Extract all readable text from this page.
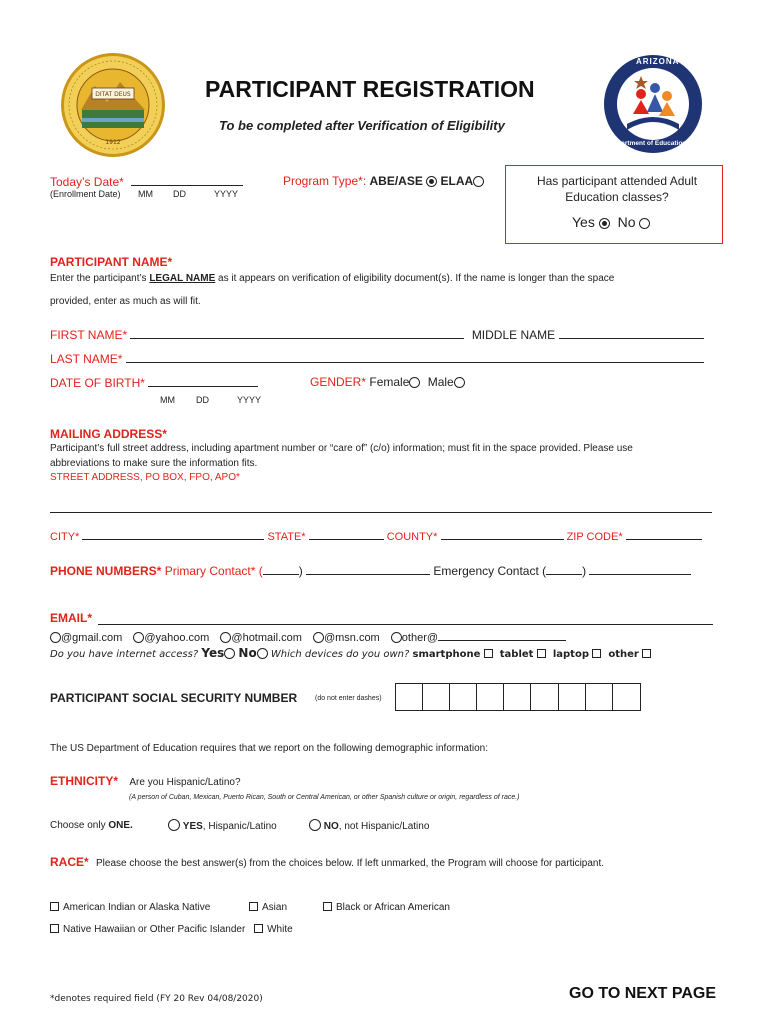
DITAT DEUS
1912
PARTICIPANT REGISTRATION
To be completed after Verification of Eligibility
ARIZONA
Department of Education
Today’s Date*
(Enrollment Date) MM DD	YYYY
Program Type*: ABE/ASE ELAA	Has participant attended Adult Education classes?
Yes No
PARTICIPANT NAME*
Enter the participant’s LEGAL NAME as it appears on verification of eligibility document(s). If the name is longer than the space
provided, enter as much as will fit.
FIRST NAME*	MIDDLE NAME
LAST NAME*
DATE OF BIRTH*	GENDER* Female Male
MM DD	YYYY
MAILING ADDRESS*
Participant’s full street address, including apartment number or “care of” (c/o) information; must fit in the space provided. Please use
abbreviations to make sure the information fits.
STREET ADDRESS, PO BOX, FPO, APO*
CITY*	STATE*	COUNTY*	ZIP CODE*
PHONE NUMBERS* Primary Contact* (	)	Emergency Contact (	)
EMAIL*
@gmail.com @yahoo.com @hotmail.com @msn.com other@
Do you have internet access? Yes No Which devices do you own? smartphone tablet laptop other
PARTICIPANT SOCIAL SECURITY NUMBER	(do not enter dashes)
The US Department of Education requires that we report on the following demographic information:
ETHNICITY* Are you Hispanic/Latino?
(A person of Cuban, Mexican, Puerto Rican, South or Central American, or other Spanish culture or origin, regardless of race.)
Choose only ONE.	YES, Hispanic/Latino	NO, not Hispanic/Latino
RACE* Please choose the best answer(s) from the choices below. If left unmarked, the Program will choose for participant.
American Indian or Alaska Native	Asian	Black or African American
Native Hawaiian or Other Pacific Islander White
*denotes required field (FY 20 Rev 04/08/2020)	GO TO NEXT PAGE
